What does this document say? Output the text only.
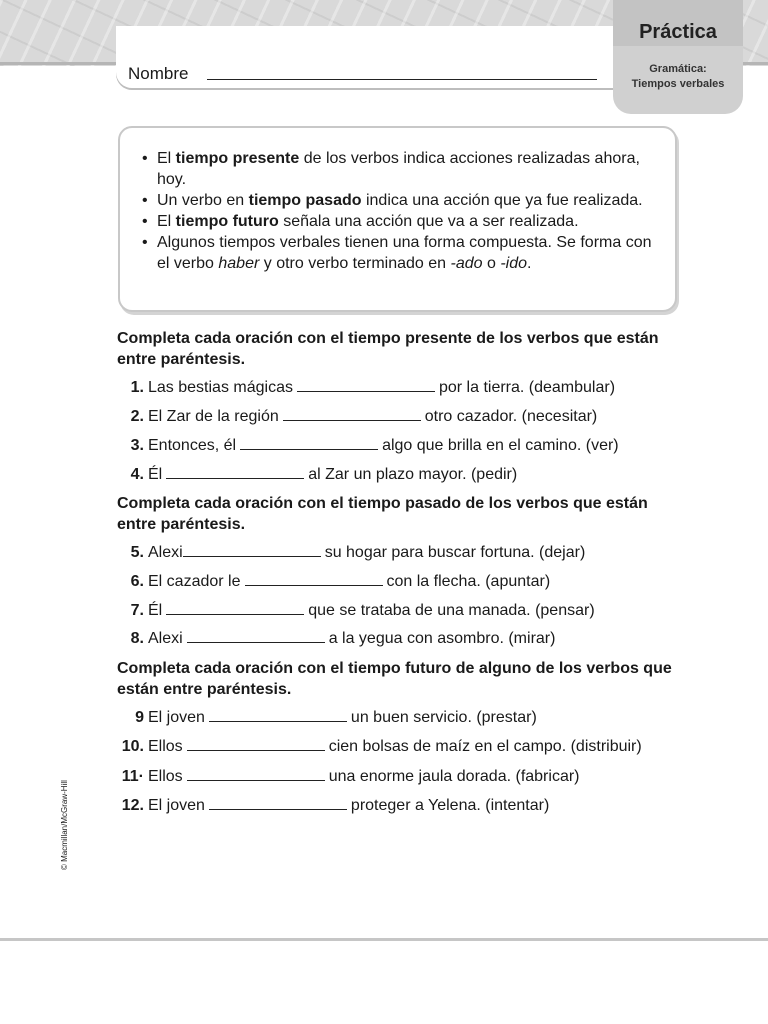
Nombre
Práctica
Gramática:
Tiempos verbales
• El tiempo presente de los verbos indica acciones realizadas ahora, hoy.
• Un verbo en tiempo pasado indica una acción que ya fue realizada.
• El tiempo futuro señala una acción que va a ser realizada.
• Algunos tiempos verbales tienen una forma compuesta. Se forma con el verbo haber y otro verbo terminado en -ado o -ido.
Completa cada oración con el tiempo presente de los verbos que están entre paréntesis.
Completa cada oración con el tiempo pasado de los verbos que están entre paréntesis.
Completa cada oración con el tiempo futuro de alguno de los verbos que están entre paréntesis.
1. Las bestias mágicas	por la tierra. (deambular)
2. El Zar de la región	otro cazador. (necesitar)
3. Entonces, él	algo que brilla en el camino. (ver)
4. Él	al Zar un plazo mayor. (pedir)
5. Alexi	su hogar para buscar fortuna. (dejar)
6. El cazador le	con la flecha. (apuntar)
7. Él	que se trataba de una manada. (pensar)
8. Alexi	a la yegua con asombro. (mirar)
9 El joven	un buen servicio. (prestar)
10. Ellos	cien bolsas de maíz en el campo. (distribuir)
11· Ellos	una enorme jaula dorada. (fabricar)
12. El joven	proteger a Yelena. (intentar)
© Macmillan/McGraw-Hill
